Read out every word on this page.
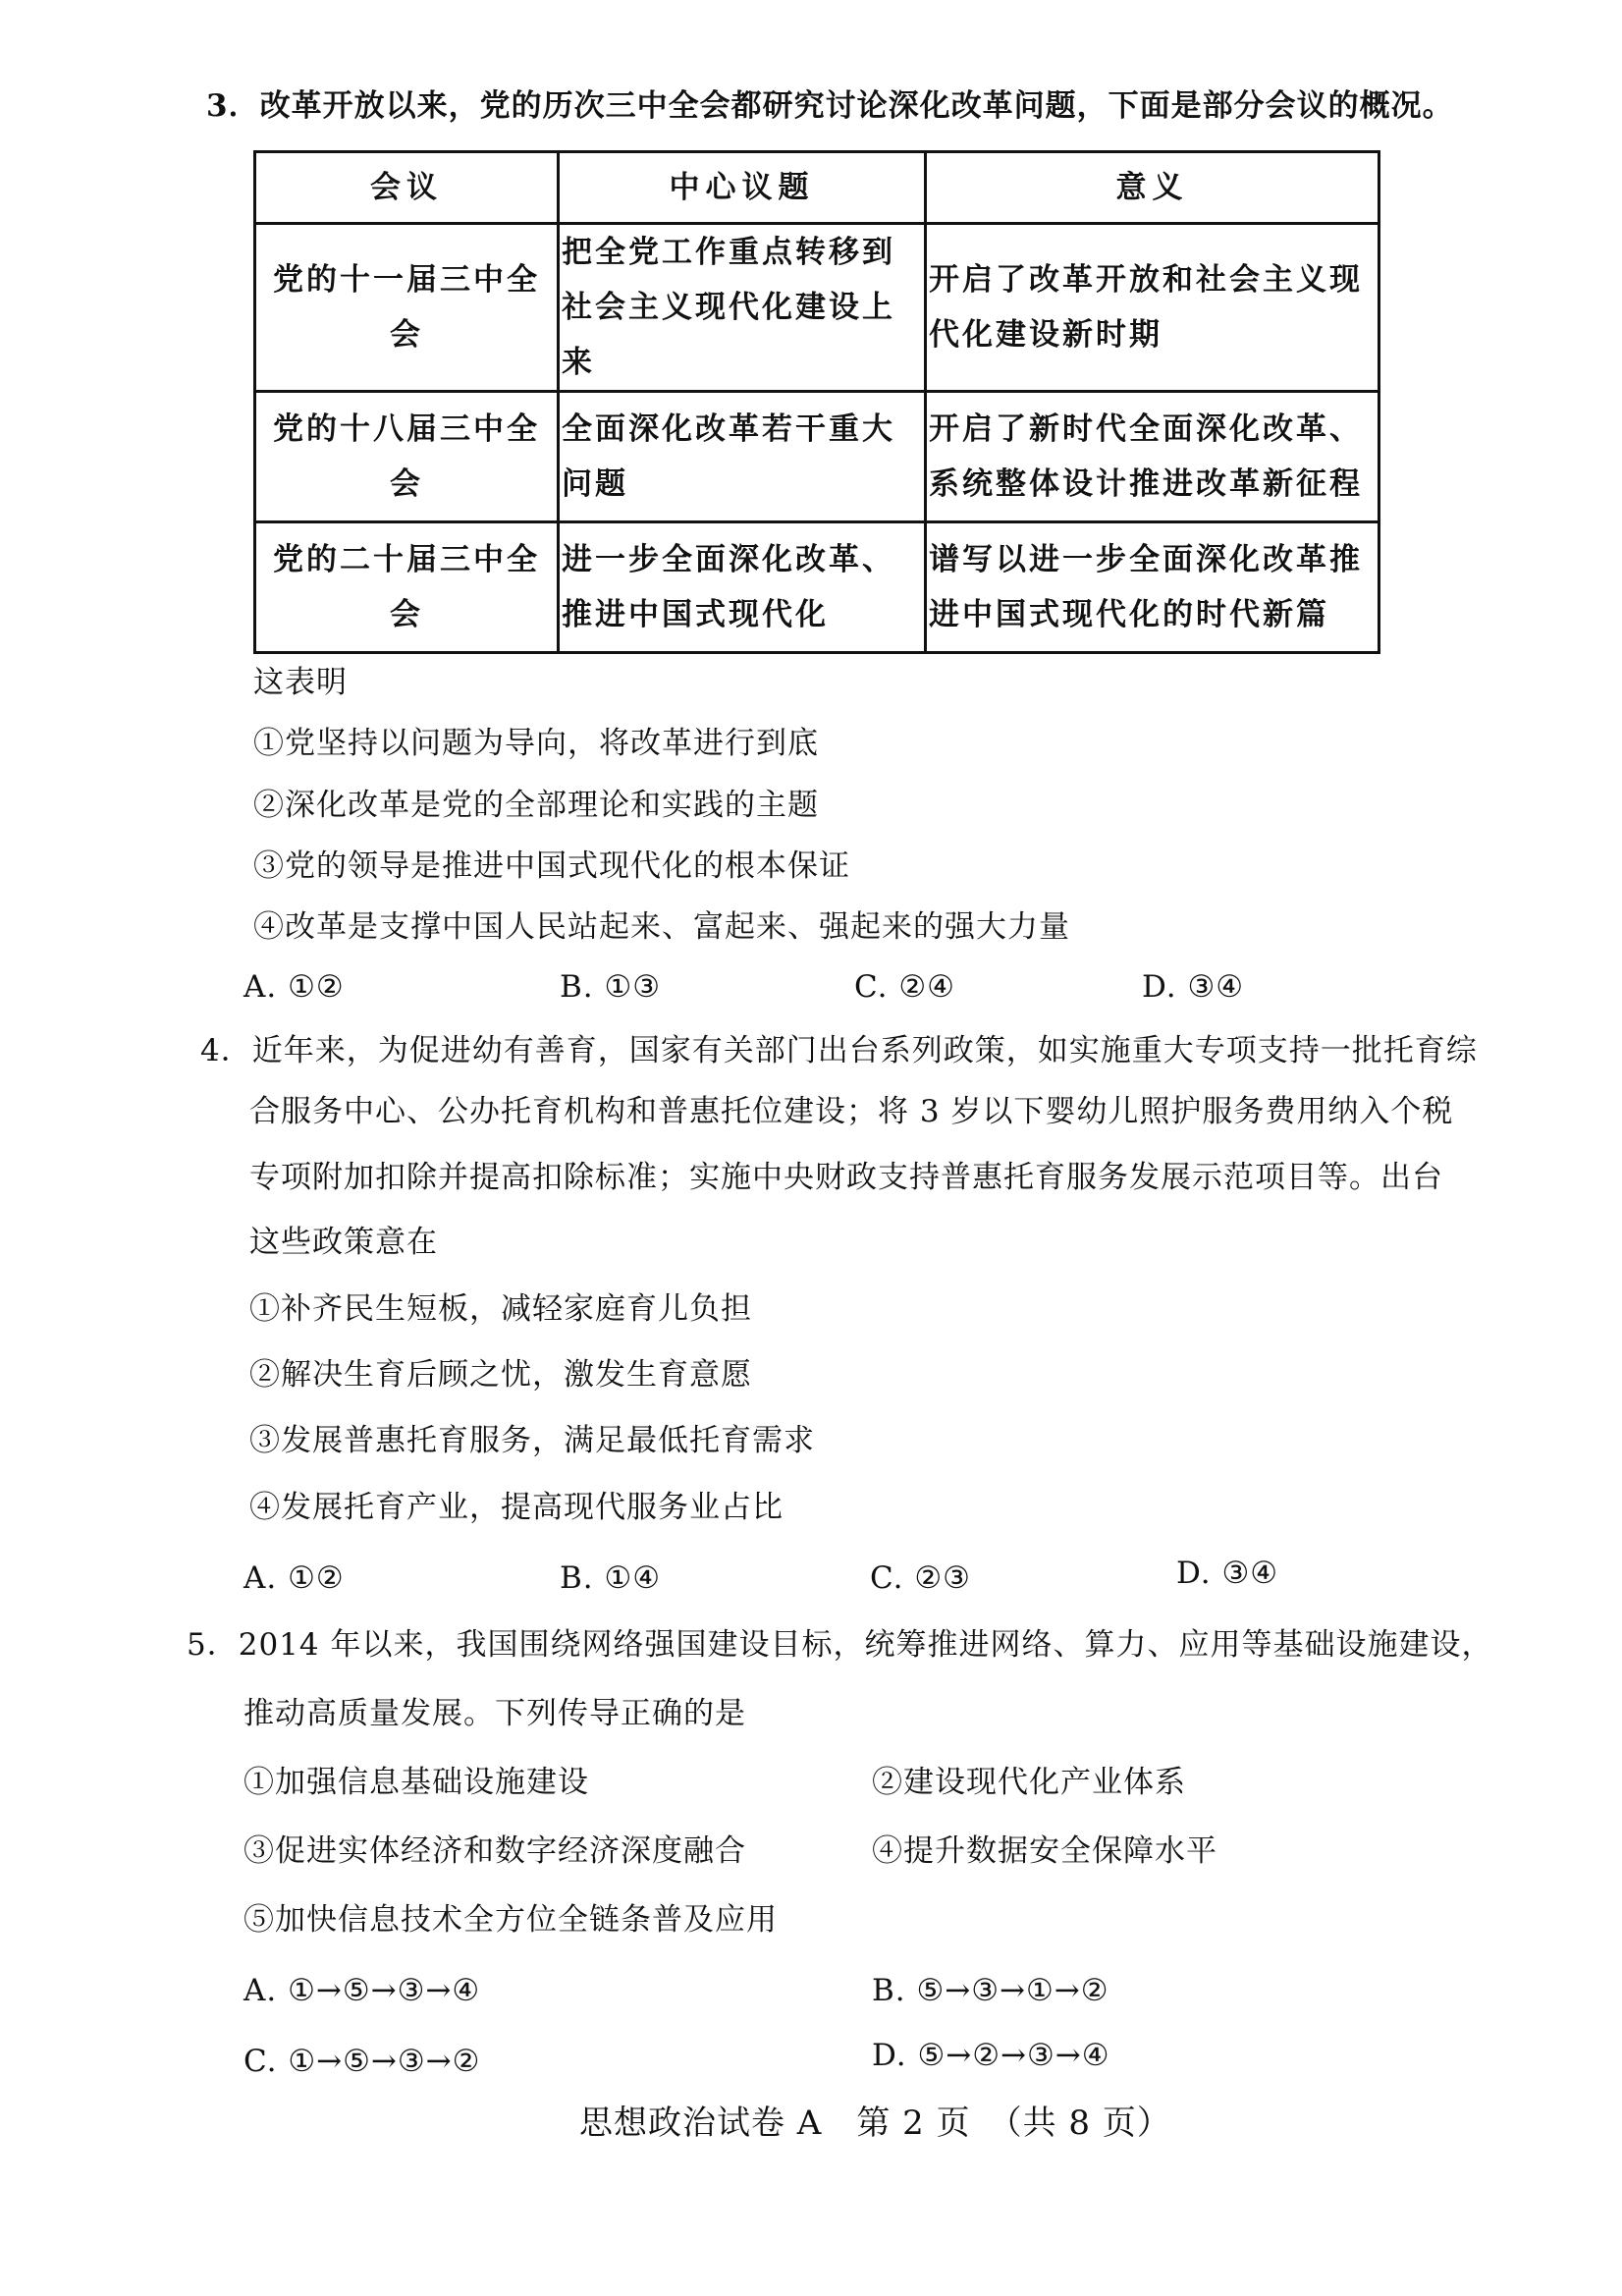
3．改革开放以来，党的历次三中全会都研究讨论深化改革问题，下面是部分会议的概况。
会议	中心议题	意义
党的十一届三中全会	把全党工作重点转移到社会主义现代化建设上来	开启了改革开放和社会主义现代化建设新时期
党的十八届三中全会	全面深化改革若干重大问题	开启了新时代全面深化改革、系统整体设计推进改革新征程
党的二十届三中全会	进一步全面深化改革、推进中国式现代化	谱写以进一步全面深化改革推进中国式现代化的时代新篇
这表明
①党坚持以问题为导向，将改革进行到底
②深化改革是党的全部理论和实践的主题
③党的领导是推进中国式现代化的根本保证
④改革是支撑中国人民站起来、富起来、强起来的强大力量
A. ①②	B. ①③	C. ②④	D. ③④
4．近年来，为促进幼有善育，国家有关部门出台系列政策，如实施重大专项支持一批托育综
合服务中心、公办托育机构和普惠托位建设；将 3 岁以下婴幼儿照护服务费用纳入个税
专项附加扣除并提高扣除标准；实施中央财政支持普惠托育服务发展示范项目等。出台
这些政策意在
①补齐民生短板，减轻家庭育儿负担
②解决生育后顾之忧，激发生育意愿
③发展普惠托育服务，满足最低托育需求
④发展托育产业，提高现代服务业占比
A. ①②	B. ①④	C. ②③	D. ③④
5．2014 年以来，我国围绕网络强国建设目标，统筹推进网络、算力、应用等基础设施建设，
推动高质量发展。下列传导正确的是
①加强信息基础设施建设	②建设现代化产业体系
③促进实体经济和数字经济深度融合	④提升数据安全保障水平
⑤加快信息技术全方位全链条普及应用
A. ①→⑤→③→④	B. ⑤→③→①→②
C. ①→⑤→③→②	D. ⑤→②→③→④
思想政治试卷 A　第 2 页　（共 8 页）
